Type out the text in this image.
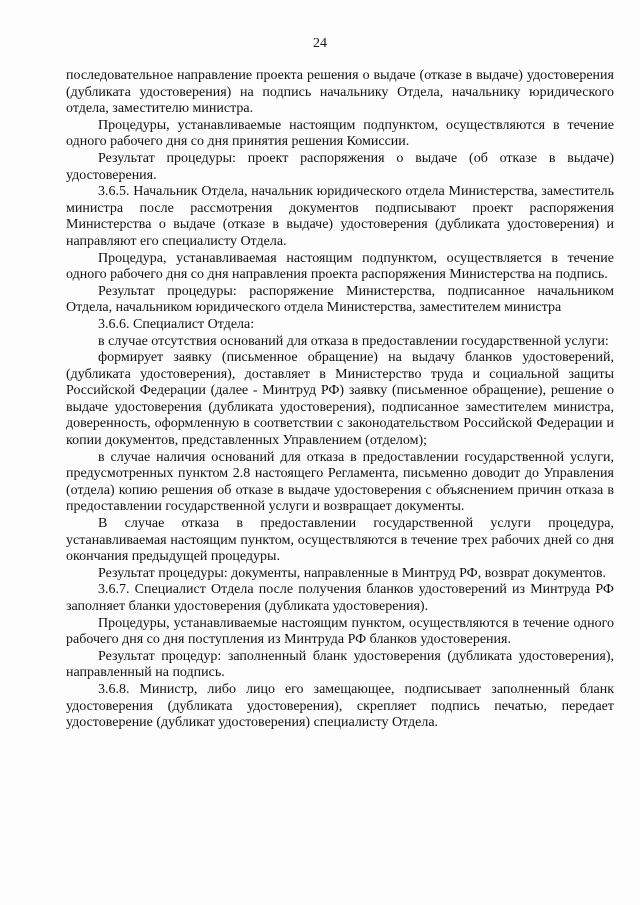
24

последовательное направление проекта решения о выдаче (отказе в выдаче) удостоверения (дубликата удостоверения) на подпись начальнику Отдела, начальнику юридического отдела, заместителю министра.

Процедуры, устанавливаемые настоящим подпунктом, осуществляются в течение одного рабочего дня со дня принятия решения Комиссии.

Результат процедуры: проект распоряжения о выдаче (об отказе в выдаче) удостоверения.

3.6.5. Начальник Отдела, начальник юридического отдела Министерства, заместитель министра после рассмотрения документов подписывают проект распоряжения Министерства о выдаче (отказе в выдаче) удостоверения (дубликата удостоверения) и направляют его специалисту Отдела.

Процедура, устанавливаемая настоящим подпунктом, осуществляется в течение одного рабочего дня со дня направления проекта распоряжения Министерства на подпись.

Результат процедуры: распоряжение Министерства, подписанное начальником Отдела, начальником юридического отдела Министерства, заместителем министра

3.6.6. Специалист Отдела:

в случае отсутствия оснований для отказа в предоставлении государственной услуги:

формирует заявку (письменное обращение) на выдачу бланков удостоверений, (дубликата удостоверения), доставляет в Министерство труда и социальной защиты Российской Федерации (далее - Минтруд РФ) заявку (письменное обращение), решение о выдаче удостоверения (дубликата удостоверения), подписанное заместителем министра, доверенность, оформленную в соответствии с законодательством Российской Федерации и копии документов, представленных Управлением (отделом);

в случае наличия оснований для отказа в предоставлении государственной услуги, предусмотренных пунктом 2.8 настоящего Регламента, письменно доводит до Управления (отдела) копию решения об отказе в выдаче удостоверения с объяснением причин отказа в предоставлении государственной услуги и возвращает документы.

В случае отказа в предоставлении государственной услуги процедура, устанавливаемая настоящим пунктом, осуществляются в течение трех рабочих дней со дня окончания предыдущей процедуры.

Результат процедуры: документы, направленные в Минтруд РФ, возврат документов.

3.6.7. Специалист Отдела после получения бланков удостоверений из Минтруда РФ заполняет бланки удостоверения (дубликата удостоверения).

Процедуры, устанавливаемые настоящим пунктом, осуществляются в течение одного рабочего дня со дня поступления из Минтруда РФ бланков удостоверения.

Результат процедур: заполненный бланк удостоверения (дубликата удостоверения), направленный на подпись.

3.6.8. Министр, либо лицо его замещающее, подписывает заполненный бланк удостоверения (дубликата удостоверения), скрепляет подпись печатью, передает удостоверение (дубликат удостоверения) специалисту Отдела.
